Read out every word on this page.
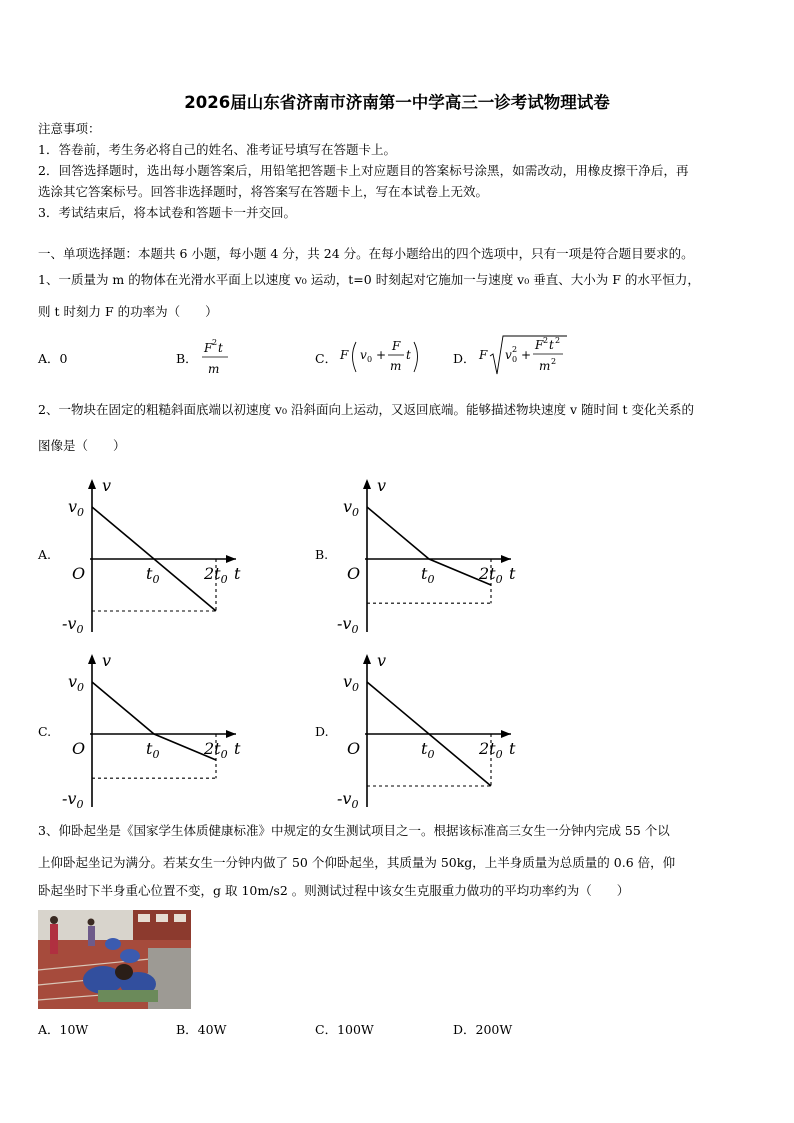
2026届山东省济南市济南第一中学高三一诊考试物理试卷
注意事项：
1．答卷前，考生务必将自己的姓名、准考证号填写在答题卡上。
2．回答选择题时，选出每小题答案后，用铅笔把答题卡上对应题目的答案标号涂黑，如需改动，用橡皮擦干净后，再
选涂其它答案标号。回答非选择题时，将答案写在答题卡上，写在本试卷上无效。
3．考试结束后，将本试卷和答题卡一并交回。
一、单项选择题：本题共 6 小题，每小题 4 分，共 24 分。在每小题给出的四个选项中，只有一项是符合题目要求的。
1、一质量为 m 的物体在光滑水平面上以速度 v₀ 运动，t=0 时刻起对它施加一与速度 v₀ 垂直、大小为 F 的水平恒力，
则 t 时刻力 F 的功率为（　　）
A．0	B．
F 2 t
m
C． F v 0 +
F
m
t	D． F v 2
0 +
F 2 t 2
m 2
2、一物块在固定的粗糙斜面底端以初速度 v₀ 沿斜面向上运动，又返回底端。能够描述物块速度 v 随时间 t 变化关系的
图像是（　　）
A.	B.
C.	D.
v
t
O
$v_0$
$-v_0$
$t_0$	$2t_0$
v
t
O
$v_0$
$-v_0$
$t_0$	$2t_0$
v
t
O
$v_0$
$-v_0$
$t_0$	$2t_0$
v
t
O
$v_0$
$-v_0$
$t_0$	$2t_0$
3、仰卧起坐是《国家学生体质健康标准》中规定的女生测试项目之一。根据该标准高三女生一分钟内完成 55 个以
上仰卧起坐记为满分。若某女生一分钟内做了 50 个仰卧起坐，其质量为 50kg，上半身质量为总质量的 0.6 倍，仰
卧起坐时下半身重心位置不变，g 取 10m/s2 。则测试过程中该女生克服重力做功的平均功率约为（　　）
A．10W	B．40W	C．100W	D．200W
